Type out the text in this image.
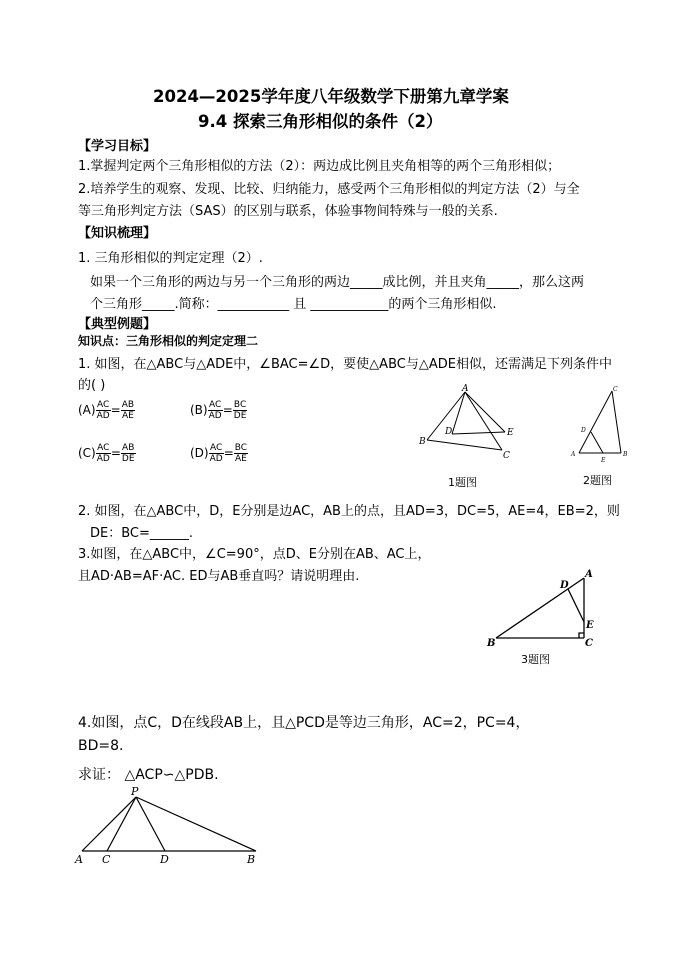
2024—2025学年度八年级数学下册第九章学案
9.4 探索三角形相似的条件（2）
【学习目标】
1.掌握判定两个三角形相似的方法（2）：两边成比例且夹角相等的两个三角形相似；
2.培养学生的观察、发现、比较、归纳能力，感受两个三角形相似的判定方法（2）与全
等三角形判定方法（SAS）的区别与联系，体验事物间特殊与一般的关系.
【知识梳理】
1. 三角形相似的判定定理（2）.
如果一个三角形的两边与另一个三角形的两边_____成比例，并且夹角_____，那么这两
个三角形_____.简称：___________ 且 ____________的两个三角形相似.
【典型例题】
知识点：三角形相似的判定定理二
1. 如图，在△ABC与△ADE中，∠BAC=∠D，要使△ABC与△ADE相似，还需满足下列条件中
的( )
$(A) \frac{AC}{AD} = \frac{AB}{AE}$	$(B) \frac{AC}{AD} = \frac{BC}{DE}$
$(C) \frac{AC}{AD} = \frac{AB}{DE}$	$(D) \frac{AC}{AD} = \frac{BC}{AE}$
A
B
C
D	E
1题图
A	B
C
D
E
2题图
2. 如图，在△ABC中，D，E分别是边AC，AB上的点，且AD=3，DC=5，AE=4，EB=2，则
DE：BC=______.
3.如图，在△ABC中，∠C=90°，点D、E分别在AB、AC上，
且AD·AB=AF·AC. ED与AB垂直吗？请说明理由.	A
B	C
D
E
3题图
4.如图，点C，D在线段AB上，且△PCD是等边三角形，AC=2，PC=4，
BD=8.
求证： △ACP∽△PDB.
A C	D	B
P
